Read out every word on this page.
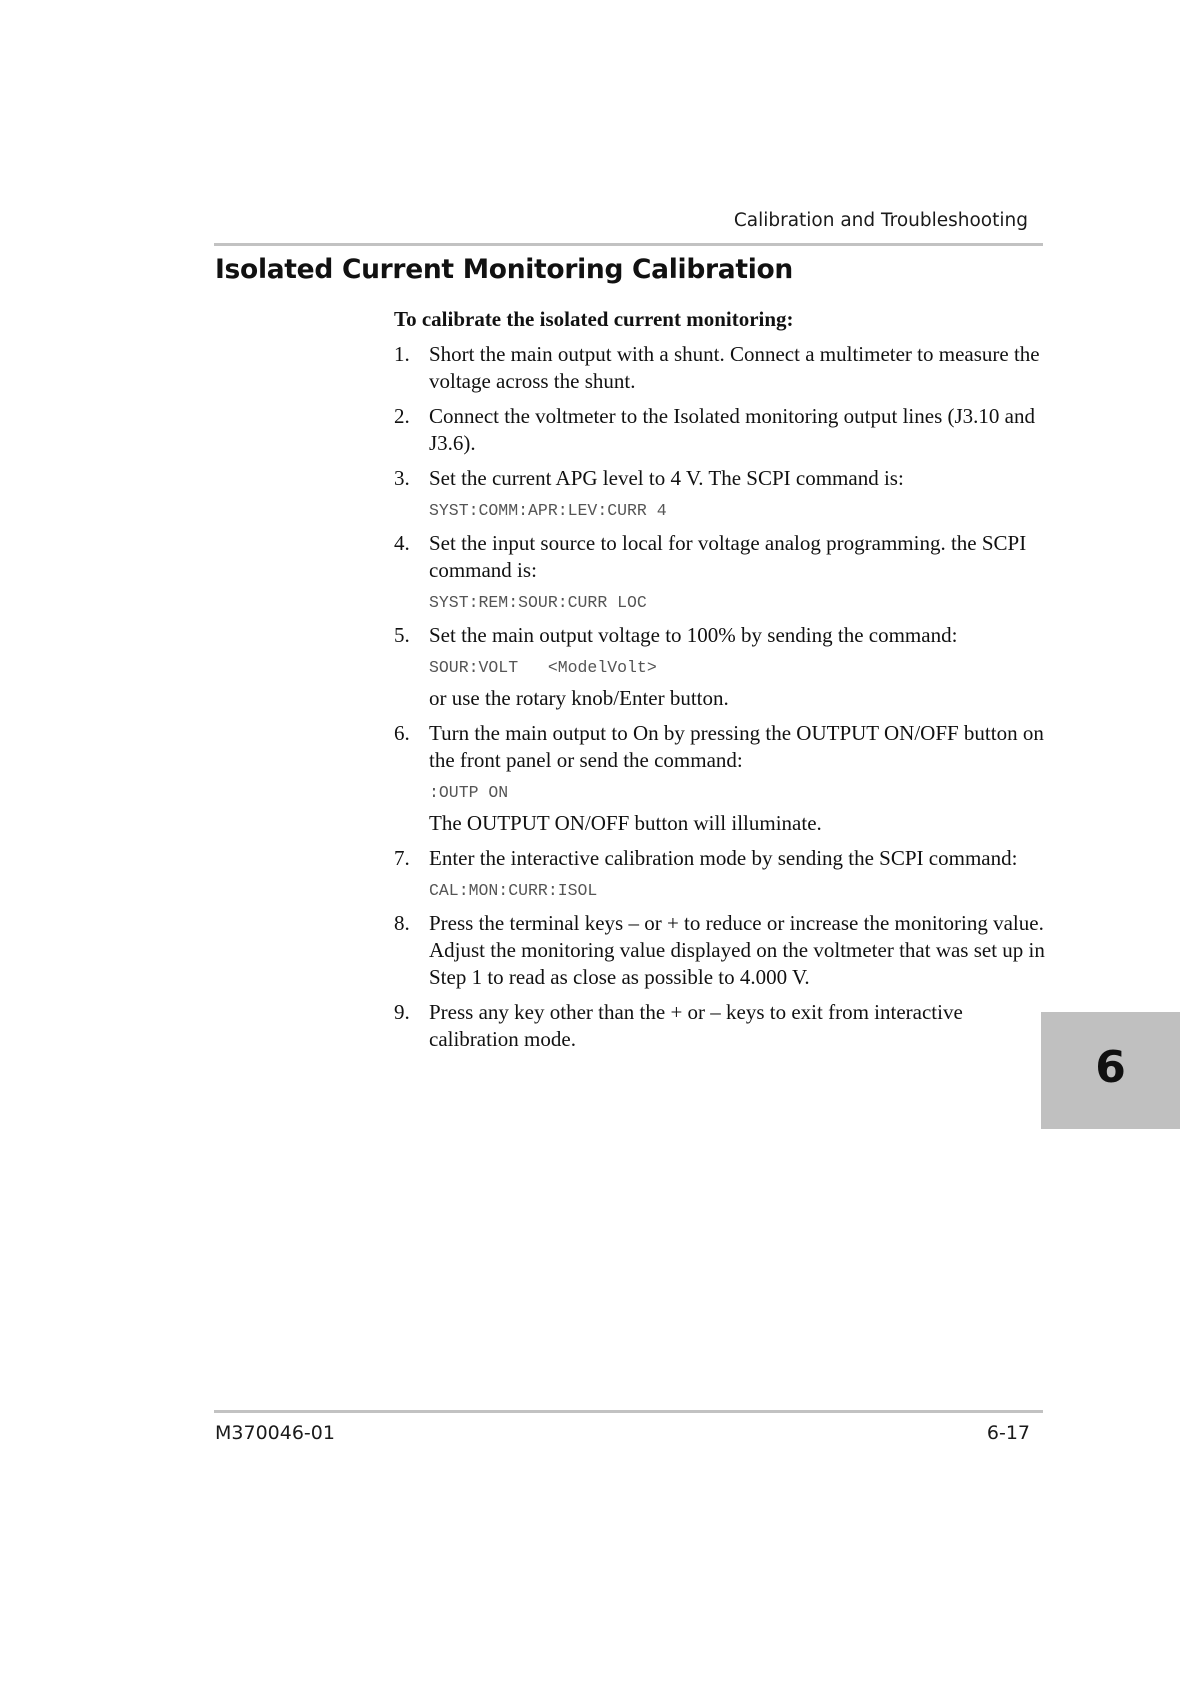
Calibration and Troubleshooting
Isolated Current Monitoring Calibration

To calibrate the isolated current monitoring:

1. Short the main output with a shunt. Connect a multimeter to measure the voltage across the shunt.

2. Connect the voltmeter to the Isolated monitoring output lines (J3.10 and J3.6).

3. Set the current APG level to 4 V. The SCPI command is:

SYST:COMM:APR:LEV:CURR 4
4. Set the input source to local for voltage analog programming. the SCPI command is:

SYST:REM:SOUR:CURR LOC
5. Set the main output voltage to 100% by sending the command:

SOUR:VOLT   <ModelVolt>

or use the rotary knob/Enter button.

6. Turn the main output to On by pressing the OUTPUT ON/OFF button on the front panel or send the command:

:OUTP ON

The OUTPUT ON/OFF button will illuminate.

7. Enter the interactive calibration mode by sending the SCPI command:

CAL:MON:CURR:ISOL
8. Press the terminal keys – or + to reduce or increase the monitoring value. Adjust the monitoring value displayed on the voltmeter that was set up in Step 1 to read as close as possible to 4.000 V.

9. Press any key other than the + or – keys to exit from interactive calibration mode.

6
M370046-01	6-17
